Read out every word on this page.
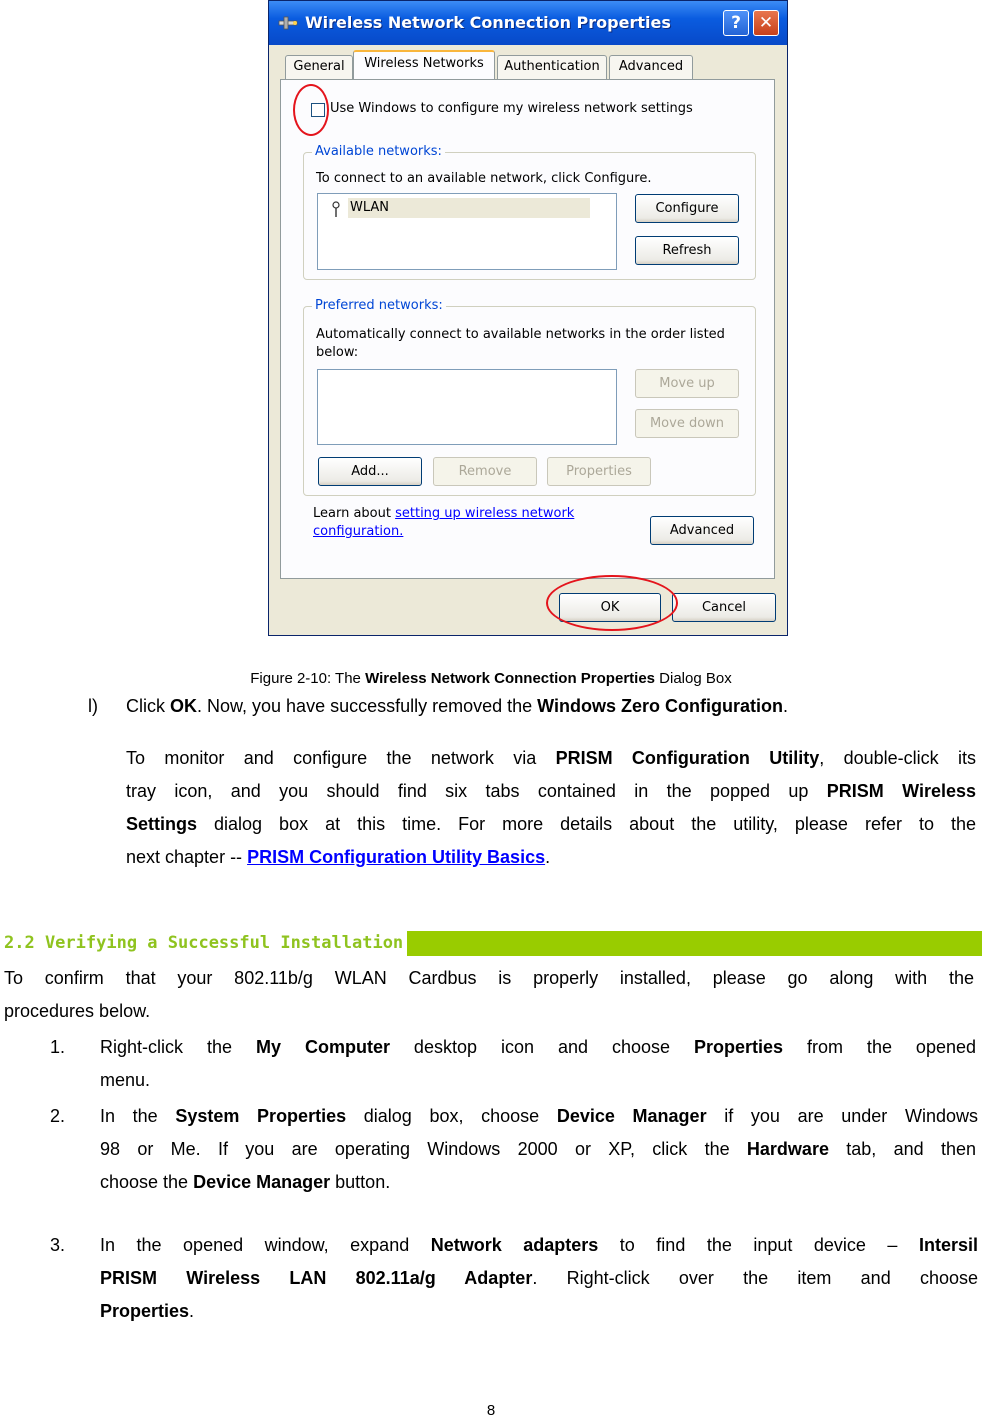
Wireless Network Connection Properties	?	✕
General	Wireless Networks	Authentication	Advanced
Use Windows to configure my wireless network settings
Available networks:
To connect to an available network, click Configure.
WLAN	Configure
Refresh
Preferred networks:
Automatically connect to available networks in the order listed
below:
Move up
Move down
Add...	Remove	Properties
Learn about setting up wireless network
configuration.	Advanced
OK	Cancel
Figure 2-10: The Wireless Network Connection Properties Dialog Box
l) Click OK. Now, you have successfully removed the Windows Zero Configuration.
To monitor and configure the network via PRISM Configuration Utility, double-click its
tray icon, and you should find six tabs contained in the popped up PRISM Wireless
Settings dialog box at this time. For more details about the utility, please refer to the
next chapter -- PRISM Configuration Utility Basics.
2.2 Verifying a Successful Installation
To confirm that your 802.11b/g WLAN Cardbus is properly installed, please go along with the
procedures below.
1. Right-click the My Computer desktop icon and choose Properties from the opened
menu.
2. In the System Properties dialog box, choose Device Manager if you are under Windows
98 or Me. If you are operating Windows 2000 or XP, click the Hardware tab, and then
choose the Device Manager button.
3. In the opened window, expand Network adapters to find the input device – Intersil
PRISM Wireless LAN 802.11a/g Adapter. Right-click over the item and choose
Properties.
8
